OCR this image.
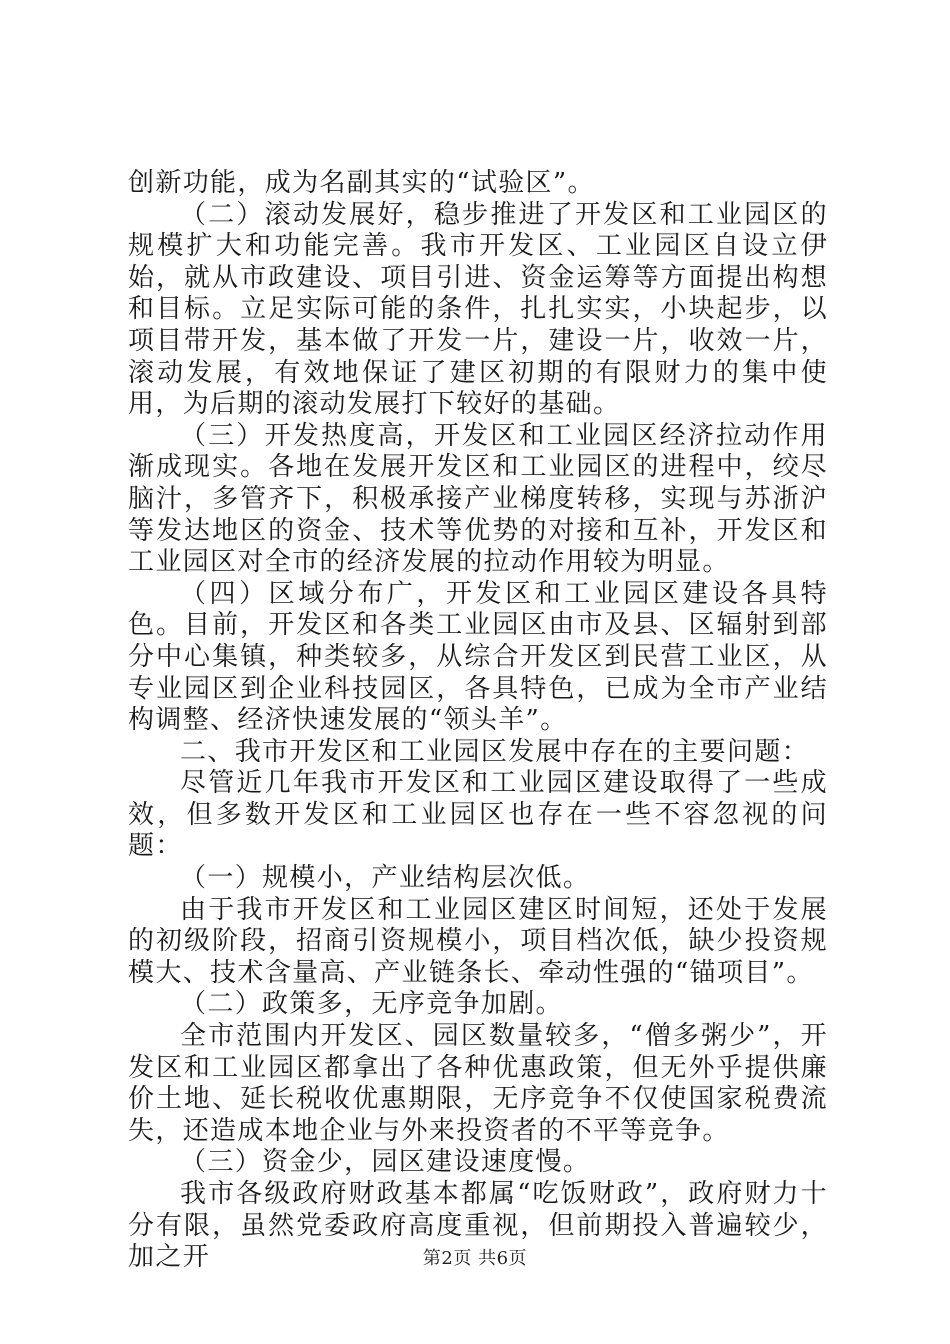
创新功能，成为名副其实的“试验区”。

（二）滚动发展好，稳步推进了开发区和工业园区的规模扩大和功能完善。我市开发区、工业园区自设立伊始，就从市政建设、项目引进、资金运筹等方面提出构想和目标。立足实际可能的条件，扎扎实实，小块起步，以项目带开发，基本做了开发一片，建设一片，收效一片，滚动发展，有效地保证了建区初期的有限财力的集中使用，为后期的滚动发展打下较好的基础。

（三）开发热度高，开发区和工业园区经济拉动作用渐成现实。各地在发展开发区和工业园区的进程中，绞尽脑汁，多管齐下，积极承接产业梯度转移，实现与苏浙沪等发达地区的资金、技术等优势的对接和互补，开发区和工业园区对全市的经济发展的拉动作用较为明显。

（四）区域分布广，开发区和工业园区建设各具特色。目前，开发区和各类工业园区由市及县、区辐射到部分中心集镇，种类较多，从综合开发区到民营工业区，从专业园区到企业科技园区，各具特色，已成为全市产业结构调整、经济快速发展的“领头羊”。

二、我市开发区和工业园区发展中存在的主要问题：

尽管近几年我市开发区和工业园区建设取得了一些成效，但多数开发区和工业园区也存在一些不容忽视的问题：

（一）规模小，产业结构层次低。

由于我市开发区和工业园区建区时间短，还处于发展的初级阶段，招商引资规模小，项目档次低，缺少投资规模大、技术含量高、产业链条长、牵动性强的“锚项目”。

（二）政策多，无序竞争加剧。

全市范围内开发区、园区数量较多，“僧多粥少”，开发区和工业园区都拿出了各种优惠政策，但无外乎提供廉价土地、延长税收优惠期限，无序竞争不仅使国家税费流失，还造成本地企业与外来投资者的不平等竞争。

（三）资金少，园区建设速度慢。

我市各级政府财政基本都属“吃饭财政”，政府财力十分有限，虽然党委政府高度重视，但前期投入普遍较少，加之开	第2页 共6页
